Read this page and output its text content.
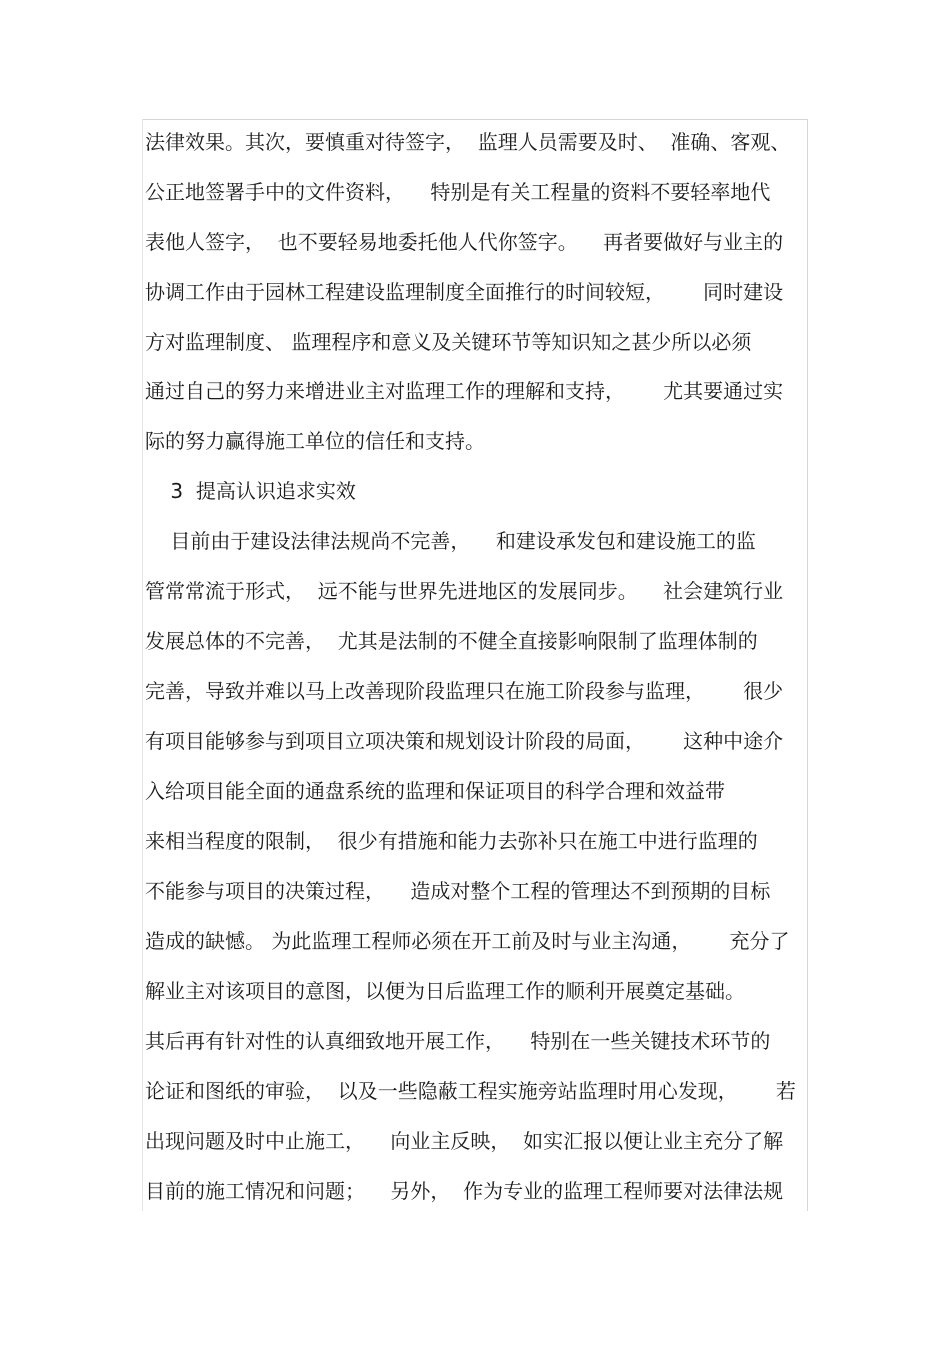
法律效果。其次，要慎重对待签字，  监理人员需要及时、  准确、客观、
公正地签署手中的文件资料，    特别是有关工程量的资料不要轻率地代
表他人签字，  也不要轻易地委托他人代你签字。    再者要做好与业主的
协调工作由于园林工程建设监理制度全面推行的时间较短，      同时建设
方对监理制度、 监理程序和意义及关键环节等知识知之甚少所以必须
通过自己的努力来增进业主对监理工作的理解和支持，      尤其要通过实
际的努力赢得施工单位的信任和支持。
3  提高认识追求实效
目前由于建设法律法规尚不完善，    和建设承发包和建设施工的监
管常常流于形式，  远不能与世界先进地区的发展同步。    社会建筑行业
发展总体的不完善，  尤其是法制的不健全直接影响限制了监理体制的
完善，导致并难以马上改善现阶段监理只在施工阶段参与监理，      很少
有项目能够参与到项目立项决策和规划设计阶段的局面，      这种中途介
入给项目能全面的通盘系统的监理和保证项目的科学合理和效益带
来相当程度的限制，  很少有措施和能力去弥补只在施工中进行监理的
不能参与项目的决策过程，    造成对整个工程的管理达不到预期的目标
造成的缺憾。 为此监理工程师必须在开工前及时与业主沟通，      充分了
解业主对该项目的意图，以便为日后监理工作的顺利开展奠定基础。
其后再有针对性的认真细致地开展工作，    特别在一些关键技术环节的
论证和图纸的审验，  以及一些隐蔽工程实施旁站监理时用心发现，      若
出现问题及时中止施工，    向业主反映，  如实汇报以便让业主充分了解
目前的施工情况和问题；    另外，  作为专业的监理工程师要对法律法规
